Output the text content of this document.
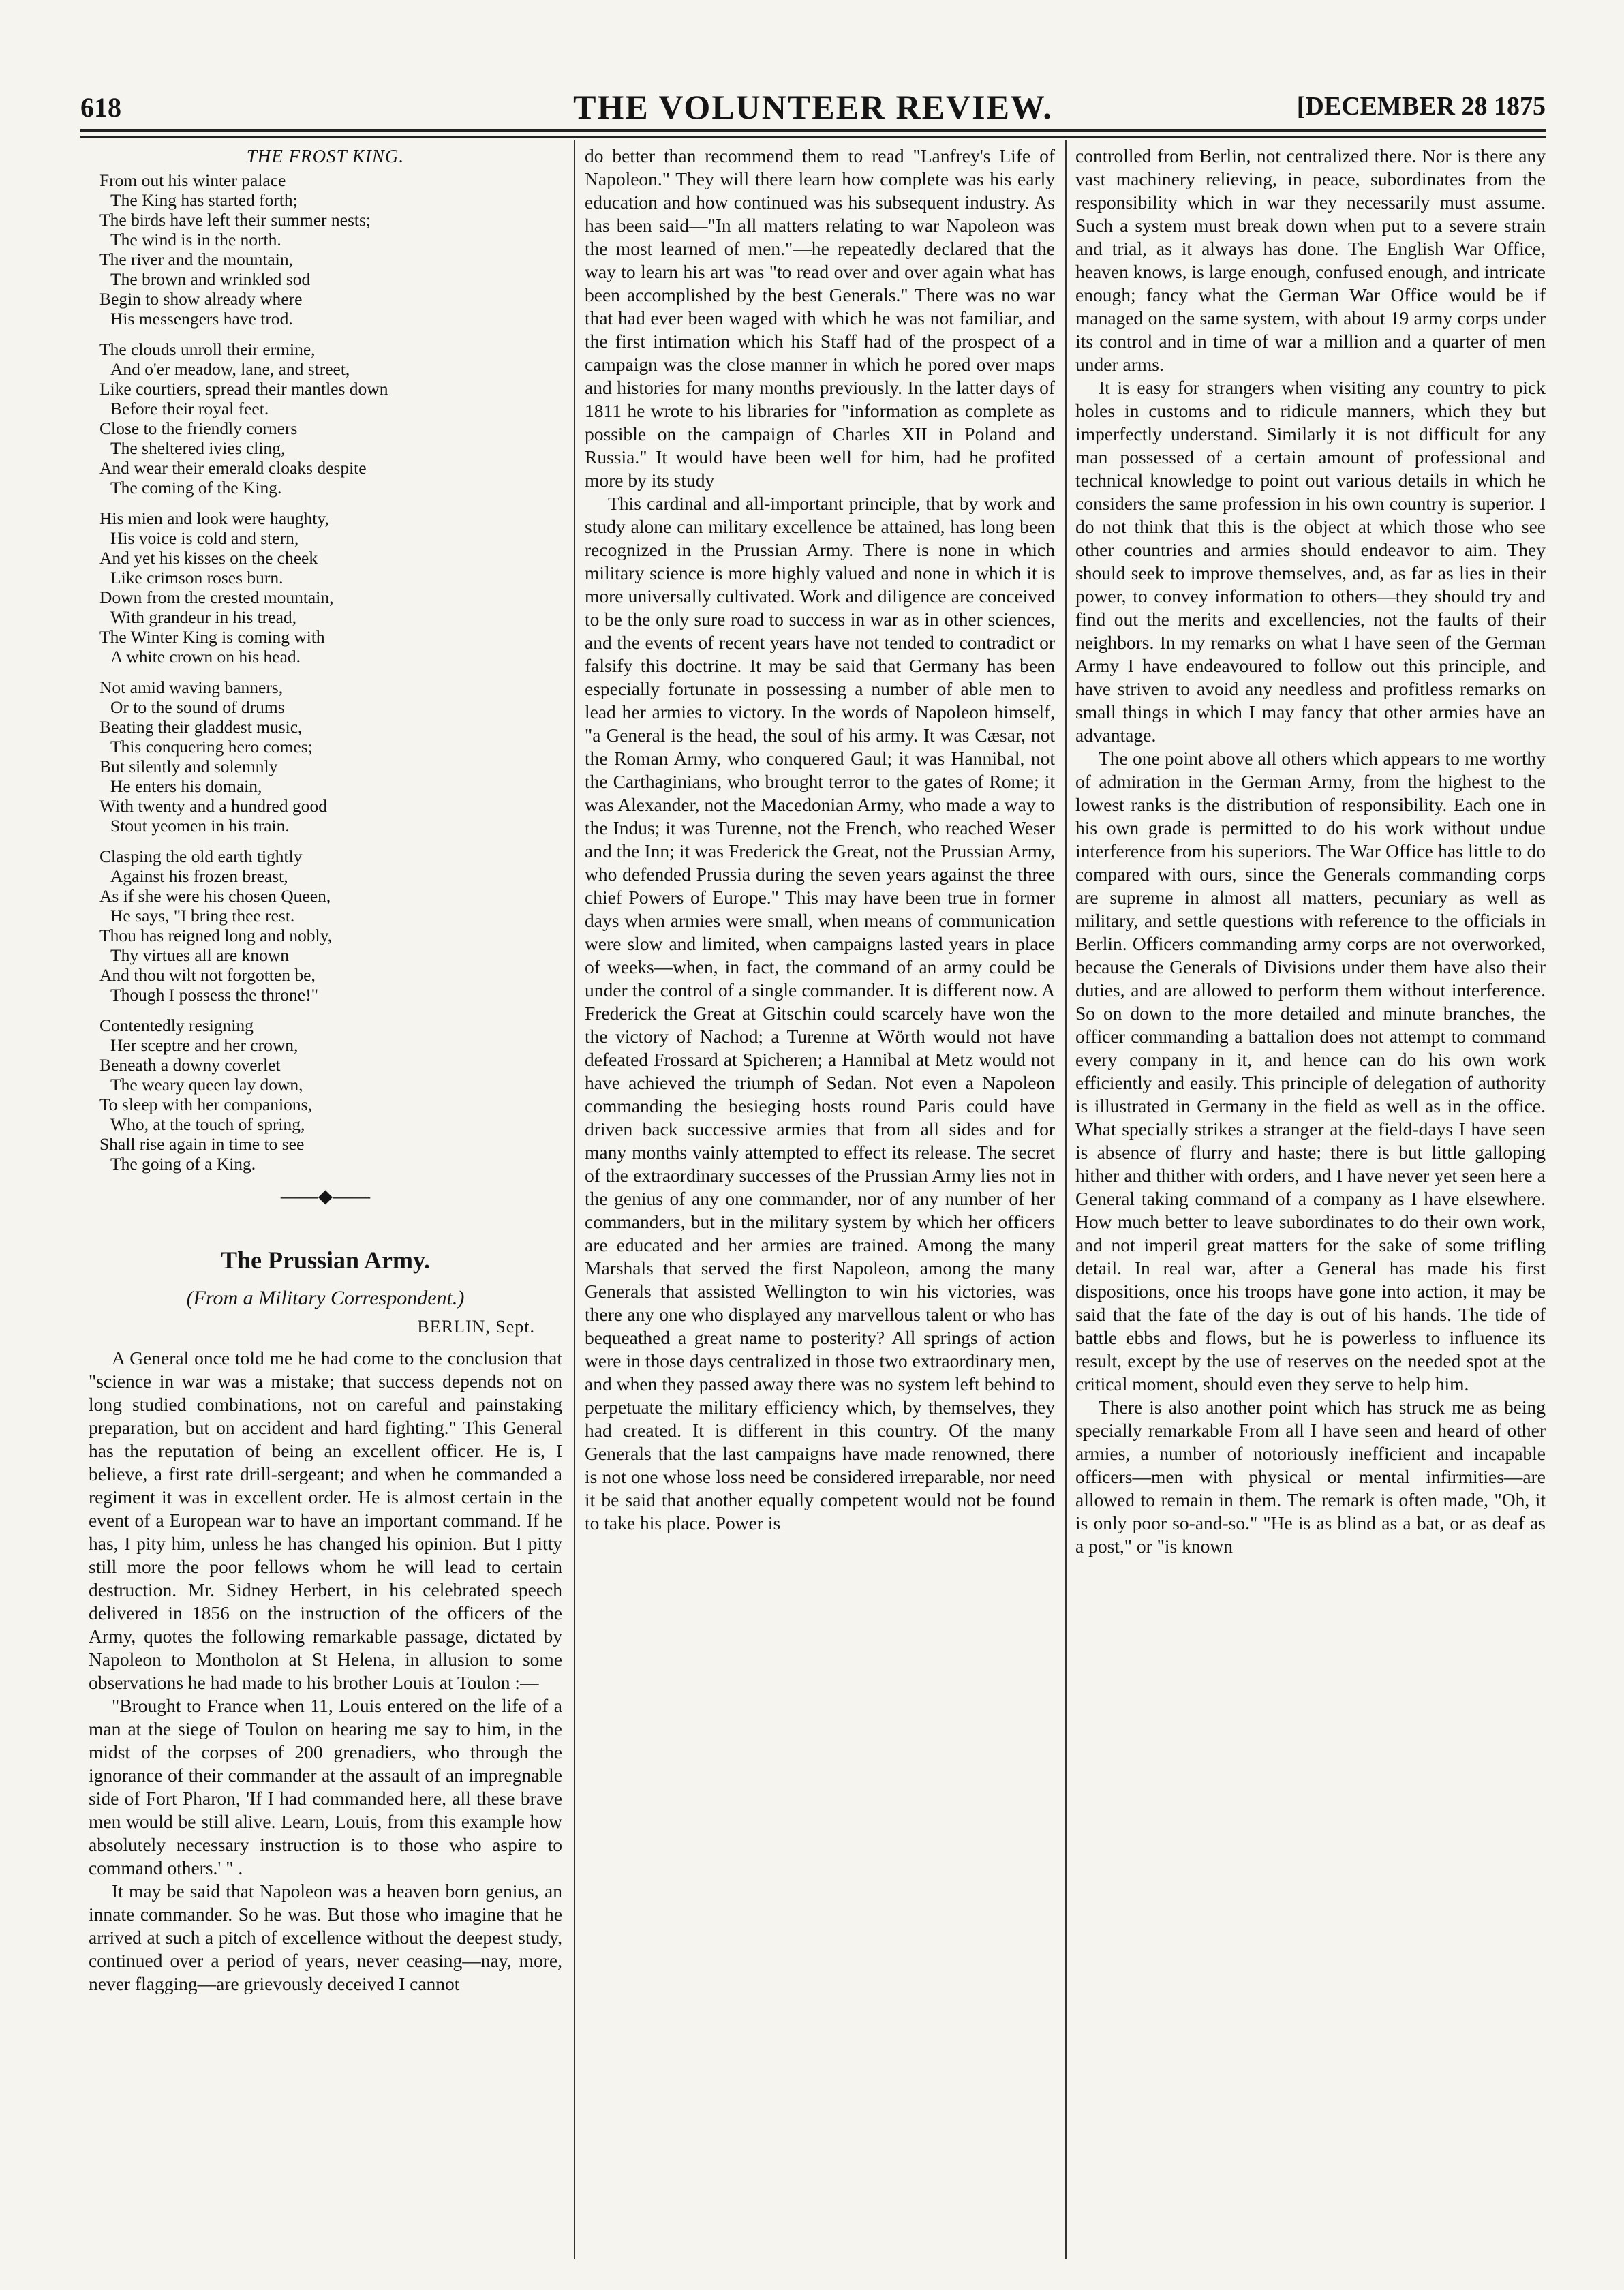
618	THE VOLUNTEER REVIEW.	[DECEMBER 28 1875
THE FROST KING.
From out his winter palace
The King has started forth;
The birds have left their summer nests;
The wind is in the north.
The river and the mountain,
The brown and wrinkled sod
Begin to show already where
His messengers have trod.
The clouds unroll their ermine,
And o'er meadow, lane, and street,
Like courtiers, spread their mantles down
Before their royal feet.
Close to the friendly corners
The sheltered ivies cling,
And wear their emerald cloaks despite
The coming of the King.
His mien and look were haughty,
His voice is cold and stern,
And yet his kisses on the cheek
Like crimson roses burn.
Down from the crested mountain,
With grandeur in his tread,
The Winter King is coming with
A white crown on his head.
Not amid waving banners,
Or to the sound of drums
Beating their gladdest music,
This conquering hero comes;
But silently and solemnly
He enters his domain,
With twenty and a hundred good
Stout yeomen in his train.
Clasping the old earth tightly
Against his frozen breast,
As if she were his chosen Queen,
He says, "I bring thee rest.
Thou has reigned long and nobly,
Thy virtues all are known
And thou wilt not forgotten be,
Though I possess the throne!"
Contentedly resigning
Her sceptre and her crown,
Beneath a downy coverlet
The weary queen lay down,
To sleep with her companions,
Who, at the touch of spring,
Shall rise again in time to see
The going of a King.
——◆——
The Prussian Army.
(From a Military Correspondent.)
BERLIN, Sept.

A General once told me he had come to the conclusion that "science in war was a mistake; that success depends not on long studied combinations, not on careful and painstaking preparation, but on accident and hard fighting." This General has the reputation of being an excellent officer. He is, I believe, a first rate drill-sergeant; and when he commanded a regiment it was in excellent order. He is almost certain in the event of a European war to have an important command. If he has, I pity him, unless he has changed his opinion. But I pitty still more the poor fellows whom he will lead to certain destruction. Mr. Sidney Herbert, in his celebrated speech delivered in 1856 on the instruction of the officers of the Army, quotes the following remarkable passage, dictated by Napoleon to Montholon at St Helena, in allusion to some observations he had made to his brother Louis at Toulon :—

"Brought to France when 11, Louis entered on the life of a man at the siege of Toulon on hearing me say to him, in the midst of the corpses of 200 grenadiers, who through the ignorance of their commander at the assault of an impregnable side of Fort Pharon, 'If I had commanded here, all these brave men would be still alive. Learn, Louis, from this example how absolutely necessary instruction is to those who aspire to command others.' " .

It may be said that Napoleon was a heaven born genius, an innate commander. So he was. But those who imagine that he arrived at such a pitch of excellence without the deepest study, continued over a period of years, never ceasing—nay, more, never flagging—are grievously deceived I cannot

do better than recommend them to read "Lanfrey's Life of Napoleon." They will there learn how complete was his early education and how continued was his subsequent industry. As has been said—"In all matters relating to war Napoleon was the most learned of men."—he repeatedly declared that the way to learn his art was "to read over and over again what has been accomplished by the best Generals." There was no war that had ever been waged with which he was not familiar, and the first intimation which his Staff had of the prospect of a campaign was the close manner in which he pored over maps and histories for many months previously. In the latter days of 1811 he wrote to his libraries for "information as complete as possible on the campaign of Charles XII in Poland and Russia." It would have been well for him, had he profited more by its study

This cardinal and all-important principle, that by work and study alone can military excellence be attained, has long been recognized in the Prussian Army. There is none in which military science is more highly valued and none in which it is more universally cultivated. Work and diligence are conceived to be the only sure road to success in war as in other sciences, and the events of recent years have not tended to contradict or falsify this doctrine. It may be said that Germany has been especially fortunate in possessing a number of able men to lead her armies to victory. In the words of Napoleon himself, "a General is the head, the soul of his army. It was Cæsar, not the Roman Army, who conquered Gaul; it was Hannibal, not the Carthaginians, who brought terror to the gates of Rome; it was Alexander, not the Macedonian Army, who made a way to the Indus; it was Turenne, not the French, who reached Weser and the Inn; it was Frederick the Great, not the Prussian Army, who defended Prussia during the seven years against the three chief Powers of Europe." This may have been true in former days when armies were small, when means of communication were slow and limited, when campaigns lasted years in place of weeks—when, in fact, the command of an army could be under the control of a single commander. It is different now. A Frederick the Great at Gitschin could scarcely have won the the victory of Nachod; a Turenne at Wörth would not have defeated Frossard at Spicheren; a Hannibal at Metz would not have achieved the triumph of Sedan. Not even a Napoleon commanding the besieging hosts round Paris could have driven back successive armies that from all sides and for many months vainly attempted to effect its release. The secret of the extraordinary successes of the Prussian Army lies not in the genius of any one commander, nor of any number of her commanders, but in the military system by which her officers are educated and her armies are trained. Among the many Marshals that served the first Napoleon, among the many Generals that assisted Wellington to win his victories, was there any one who displayed any marvellous talent or who has bequeathed a great name to posterity? All springs of action were in those days centralized in those two extraordinary men, and when they passed away there was no system left behind to perpetuate the military efficiency which, by themselves, they had created. It is different in this country. Of the many Generals that the last campaigns have made renowned, there is not one whose loss need be considered irreparable, nor need it be said that another equally competent would not be found to take his place. Power is

controlled from Berlin, not centralized there. Nor is there any vast machinery relieving, in peace, subordinates from the responsibility which in war they necessarily must assume. Such a system must break down when put to a severe strain and trial, as it always has done. The English War Office, heaven knows, is large enough, confused enough, and intricate enough; fancy what the German War Office would be if managed on the same system, with about 19 army corps under its control and in time of war a million and a quarter of men under arms.

It is easy for strangers when visiting any country to pick holes in customs and to ridicule manners, which they but imperfectly understand. Similarly it is not difficult for any man possessed of a certain amount of professional and technical knowledge to point out various details in which he considers the same profession in his own country is superior. I do not think that this is the object at which those who see other countries and armies should endeavor to aim. They should seek to improve themselves, and, as far as lies in their power, to convey information to others—they should try and find out the merits and excellencies, not the faults of their neighbors. In my remarks on what I have seen of the German Army I have endeavoured to follow out this principle, and have striven to avoid any needless and profitless remarks on small things in which I may fancy that other armies have an advantage.

The one point above all others which appears to me worthy of admiration in the German Army, from the highest to the lowest ranks is the distribution of responsibility. Each one in his own grade is permitted to do his work without undue interference from his superiors. The War Office has little to do compared with ours, since the Generals commanding corps are supreme in almost all matters, pecuniary as well as military, and settle questions with reference to the officials in Berlin. Officers commanding army corps are not overworked, because the Generals of Divisions under them have also their duties, and are allowed to perform them without interference. So on down to the more detailed and minute branches, the officer commanding a battalion does not attempt to command every company in it, and hence can do his own work efficiently and easily. This principle of delegation of authority is illustrated in Germany in the field as well as in the office. What specially strikes a stranger at the field-days I have seen is absence of flurry and haste; there is but little galloping hither and thither with orders, and I have never yet seen here a General taking command of a company as I have elsewhere. How much better to leave subordinates to do their own work, and not imperil great matters for the sake of some trifling detail. In real war, after a General has made his first dispositions, once his troops have gone into action, it may be said that the fate of the day is out of his hands. The tide of battle ebbs and flows, but he is powerless to influence its result, except by the use of reserves on the needed spot at the critical moment, should even they serve to help him.

There is also another point which has struck me as being specially remarkable From all I have seen and heard of other armies, a number of notoriously inefficient and incapable officers—men with physical or mental infirmities—are allowed to remain in them. The remark is often made, "Oh, it is only poor so-and-so." "He is as blind as a bat, or as deaf as a post," or "is known
